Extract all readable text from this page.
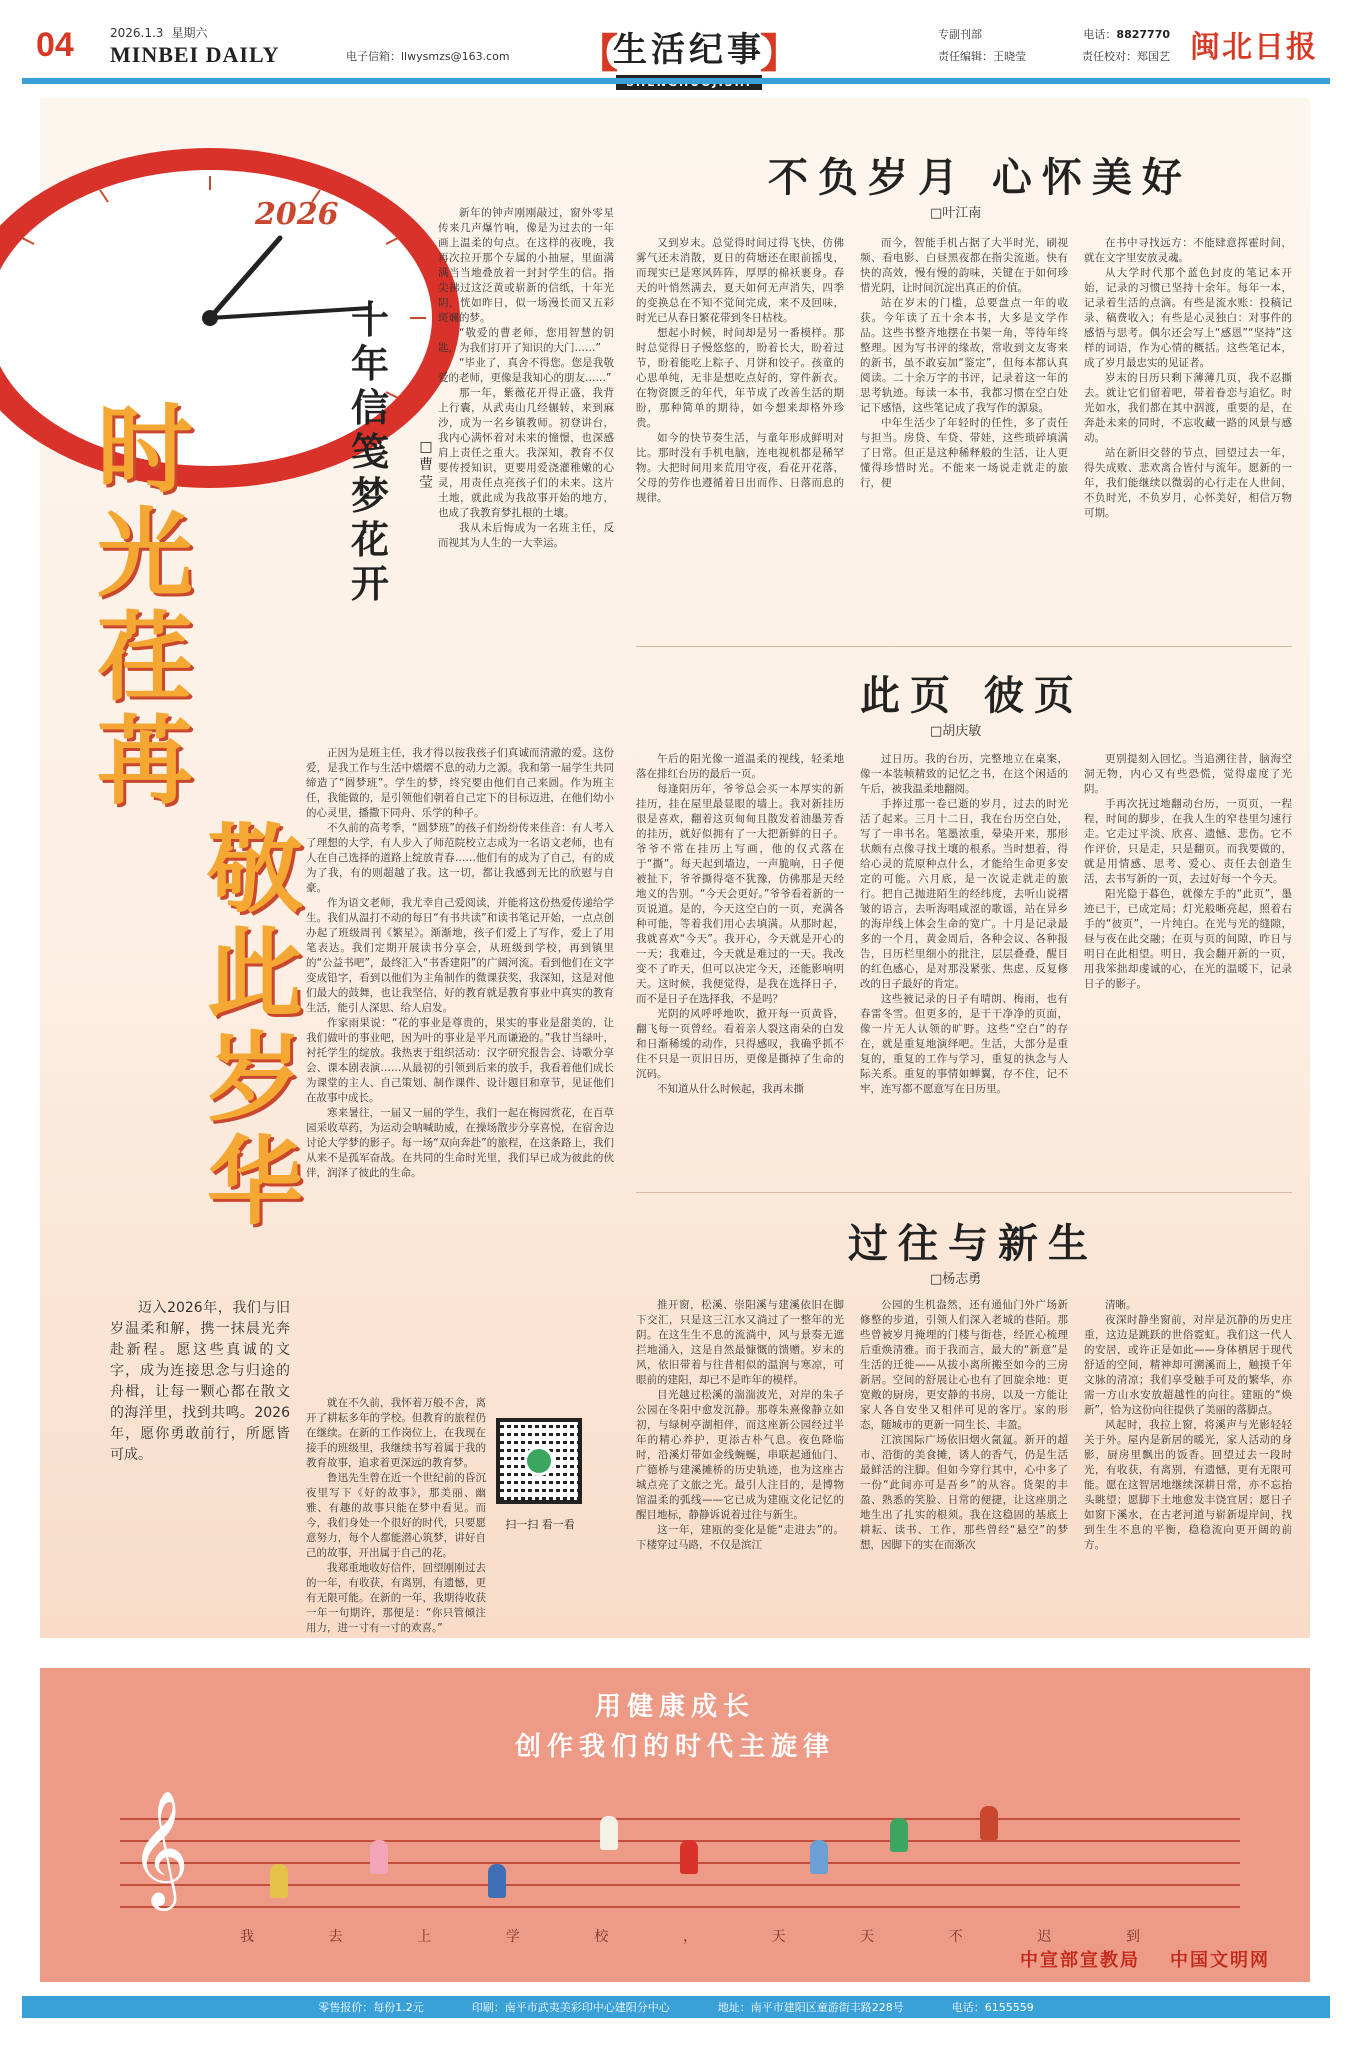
04	2026.1.3 星期六
MINBEI DAILY	电子信箱：llwysmzs@163.com 【
生活纪事
】	专副刊部	电话：8827770
责任编辑：王晓莹	责任校对：郑国艺 闽北日报
2026
时光荏苒
敬此岁华
迈入2026年，我们与旧岁温柔和解，携一抹晨光奔赴新程。愿这些真诚的文字，成为连接思念与归途的舟楫，让每一颗心都在散文的海洋里，找到共鸣。2026年，愿你勇敢前行，所愿皆可成。
十年信笺梦花开
□曹 莹

新年的钟声刚刚敲过，窗外零星传来几声爆竹响，像是为过去的一年画上温柔的句点。在这样的夜晚，我再次拉开那个专属的小抽屉，里面满满当当地叠放着一封封学生的信。指尖拂过这泛黄或崭新的信纸，十年光阴，恍如昨日，似一场漫长而又五彩斑斓的梦。

“敬爱的曹老师，您用智慧的钥匙，为我们打开了知识的大门……”

“毕业了，真舍不得您。您是我敬爱的老师，更像是我知心的朋友……”

那一年，紫薇花开得正盛，我背上行囊，从武夷山几经辗转，来到麻沙，成为一名乡镇教师。初登讲台，我内心满怀着对未来的憧憬，也深感肩上责任之重大。我深知，教育不仅要传授知识，更要用爱浇灌稚嫩的心灵，用责任点亮孩子们的未来。这片土地，就此成为我故事开始的地方，也成了我教育梦扎根的土壤。

我从未后悔成为一名班主任，反而视其为人生的一大幸运。

正因为是班主任，我才得以按我孩子们真诚而清澈的爱。这份爱，是我工作与生活中熠熠不息的动力之源。我和第一届学生共同缔造了“圆梦班”。学生的梦，终究要由他们自己来圆。作为班主任，我能做的，是引领他们朝着自己定下的目标迈进，在他们幼小的心灵里，播撒下同舟、乐学的种子。

不久前的高考季，“圆梦班”的孩子们纷纷传来佳音：有人考入了理想的大学，有人步入了师范院校立志成为一名语文老师，也有人在自己选择的道路上绽放青春……他们有的成为了自己，有的成为了我，有的则超越了我。这一切，都让我感到无比的欣慰与自豪。

作为语文老师，我尤幸自己爱阅读，并能将这份热爱传递给学生。我们从温打不动的每日“有书共读”和读书笔记开始，一点点创办起了班级周刊《繁星》。渐渐地，孩子们爱上了写作，爱上了用笔表达。我们定期开展读书分享会，从班级到学校，再到镇里的“公益书吧”，最终汇入“书香建阳”的广阔河流。看到他们在文字变成铅字，看到以他们为主角制作的微课获奖，我深知，这是对他们最大的鼓舞，也让我坚信，好的教育就是教育事业中真实的教育生活，能引人深思、给人启发。

作家雨果说：“花的事业是尊贵的，果实的事业是甜美的，让我们做叶的事业吧，因为叶的事业是平凡而谦逊的。”我甘当绿叶，衬托学生的绽放。我热衷于组织活动：汉字研究报告会、诗歌分享会、课本剧表演……从最初的引领到后来的放手，我看着他们成长为课堂的主人、自己策划、制作课件、设计题目和章节，见证他们在故事中成长。

寒来暑往，一届又一届的学生，我们一起在梅园赏花，在百草园采收草药，为运动会呐喊助威，在操场散步分享喜悦，在宿舍边讨论大学梦的影子。每一场“双向奔赴”的旅程，在这条路上，我们从来不是孤军奋战。在共同的生命时光里，我们早已成为彼此的伙伴，润泽了彼此的生命。

就在不久前，我怀着万般不舍，离开了耕耘多年的学校。但教育的旅程仍在继续。在新的工作岗位上，在我现在接手的班级里，我继续书写着属于我的教育故事，追求着更深远的教育梦。

鲁迅先生曾在近一个世纪前的昏沉夜里写下《好的故事》，那美丽、幽雅、有趣的故事只能在梦中看见。而今，我们身处一个很好的时代，只要愿意努力，每个人都能潜心筑梦，讲好自己的故事，开出属于自己的花。

我郑重地收好信件，回望刚刚过去的一年，有收获，有离别，有遗憾，更有无限可能。在新的一年，我期待收获一年一句期许，那便是：“你只管倾注用力，进一寸有一寸的欢喜。”

扫一扫 看一看
不负岁月 心怀美好
□叶江南

又到岁末。总觉得时间过得飞快，仿佛雾气还未消散，夏日的荷塘还在眼前摇曳，而现实已是寒风阵阵，厚厚的棉袄裹身。春天的叶悄然满去，夏天如何无声消失，四季的变换总在不知不觉间完成，来不及回味，时光已从春日繁花带到冬日枯枝。

想起小时候，时间却是另一番模样。那时总觉得日子慢悠悠的，盼着长大，盼着过节，盼着能吃上粽子、月饼和饺子。孩童的心思单纯，无非是想吃点好的，穿件新衣。在物资匮乏的年代，年节成了改善生活的期盼，那种简单的期待，如今想来却格外珍贵。

如今的快节奏生活，与童年形成鲜明对比。那时没有手机电脑，连电视机都是稀罕物。大把时间用来荒用守夜，看花开花落，父母的劳作也遵循着日出而作、日落而息的规律。

而今，智能手机占据了大半时光，刷视频、看电影、白昼黑夜都在指尖流逝。快有快的高效，慢有慢的韵味，关键在于如何珍惜光阴，让时间沉淀出真正的价值。

站在岁末的门槛，总要盘点一年的收获。今年读了五十余本书，大多是文学作品。这些书整齐地摆在书架一角，等待年终整理。因为写书评的缘故，常收到文友寄来的新书，虽不敢妄加“鉴定”，但每本都认真阅读。二十余万字的书评，记录着这一年的思考轨迹。每读一本书，我都习惯在空白处记下感悟，这些笔记成了我写作的源泉。

中年生活少了年轻时的任性，多了责任与担当。房贷、车贷、带娃，这些琐碎填满了日常。但正是这种稀释般的生活，让人更懂得珍惜时光。不能来一场说走就走的旅行，便

在书中寻找远方：不能肆意挥霍时间，就在文字里安放灵魂。

从大学时代那个蓝色封皮的笔记本开始，记录的习惯已坚持十余年。每年一本，记录着生活的点滴。有些是流水账：投稿记录、稿费收入；有些是心灵独白：对事件的感悟与思考。偶尔还会写上“感恩”“坚持”这样的词语，作为心情的概括。这些笔记本，成了岁月最忠实的见证者。

岁末的日历只剩下薄薄几页，我不忍撕去。就让它们留着吧，带着眷恋与追忆。时光如水，我们都在其中泅渡，重要的是，在奔赴未来的同时，不忘收藏一路的风景与感动。

站在新旧交替的节点，回望过去一年，得失成败、悲欢离合皆付与流年。愿新的一年，我们能继续以微弱的心行走在人世间，不负时光，不负岁月，心怀美好，相信万物可期。

此页 彼页
□胡庆敏

午后的阳光像一道温柔的视线，轻柔地落在排红台历的最后一页。

每逢阳历年，爷爷总会买一本厚实的新挂历，挂在屋里最显眼的墙上。我对新挂历很是喜欢，翻着这页甸甸且散发着油墨芳香的挂历，就好似拥有了一大把新鲜的日子。爷爷不常在挂历上写画，他的仅式落在于“撕”。每天起到墙边，一声脆响，日子便被扯下，爷爷撕得毫不犹豫，仿佛那是天经地义的告别。“今天会更好。”爷爷看着新的一页说道。是的，今天这空白的一页，充满各种可能，等着我们用心去填满。从那时起，我就喜欢“今天”。我开心，今天就是开心的一天；我难过，今天就是难过的一天。我改变不了昨天，但可以决定今天，还能影响明天。这时候，我便觉得，是我在选择日子，而不是日子在选择我，不是吗？

光阴的风呼呼地吹，掀开每一页黄昏，翻飞每一页曾经。看着亲人裂这南朵的白发和日渐稀缓的动作，只得感叹，我确乎抓不住不只是一页旧日历，更像是撕掉了生命的沉码。

不知道从什么时候起，我再未撕

过日历。我的台历，完整地立在桌案，像一本装帧精致的记忆之书，在这个闲适的午后，被我温柔地翻阅。

手捧过那一卷已逝的岁月，过去的时光活了起来。三月十二日，我在台历空白处，写了一串书名。笔墨浓重，晕染开来，那形状颇有点像寻找土壤的根系。当时想着，得给心灵的荒原种点什么，才能给生命更多安定的可能。六月底，是一次说走就走的旅行。把自己抛进陌生的经纬度，去听山说褶皱的语言，去听海唱咸涩的歌谣，站在异乡的海岸线上体会生命的宽广。十月是记录最多的一个月，黄金周后，各种会议、各种报告，日历栏里细小的批注，层层叠叠，醒目的红色感心，是对那没紧张、焦虑、反复修改的日子最好的肯定。

这些被记录的日子有晴朗、梅雨，也有春雷冬雪。但更多的，是干干净净的页面，像一片无人认领的旷野。这些“空白”的存在，就是重复地演绎吧。生活，大部分是重复的，重复的工作与学习，重复的执念与人际关系。重复的事情如蝉翼，存不住，记不牢，连写都不愿意写在日历里。

更别提刻入回忆。当追溯往昔，脑海空洞无物，内心又有些恐慌，觉得虚度了光阴。

手再次抚过地翻动台历，一页页，一程程，时间的脚步，在我人生的窄巷里匀速行走。它走过平淡、欣喜、遗憾、悲伤。它不作评价，只是走，只是翻页。而我要做的，就是用情感、思考、爱心、责任去创造生活，去书写新的一页，去过好每一个今天。

阳光隐于暮色，就像左手的“此页”，墨迹已干，已成定局；灯光般晰亮起，照着右手的“彼页”，一片纯白。在光与光的缝隙，昼与夜在此交融；在页与页的间隙，昨日与明日在此相望。明日，我会翻开新的一页，用我笨拙却虔诚的心，在光的温暖下，记录日子的影子。

过往与新生
□杨志勇

推开窗，松溪、崇阳溪与建溪依旧在脚下交汇，只是这三江水又淌过了一整年的光阴。在这生生不息的流淌中，风与景奏无遮拦地涌入，这是自然最慷慨的馈赠。岁末的风，依旧带着与往昔相似的温润与寒凉，可眼前的建阳，却已不是昨年的模样。

目光越过松溪的湍湍波光，对岸的朱子公园在冬阳中愈发沉静。那尊朱熹像静立如初，与绿树亭湖相伴，而这座新公园经过半年的精心养护，更添古朴气息。夜色降临时，沿溪灯带如金线蜿蜒，串联起通仙门、广德桥与建溪摊桥的历史轨迹，也为这座古城点亮了文旅之光。最引人注目的，是博物馆温柔的弧线——它已成为建瓯文化记忆的醒目地标，静静诉说着过往与新生。

这一年，建瓯的变化是能“走进去”的。下楼穿过马路，不仅是滨江

公园的生机盎然，还有通仙门外广场新修整的步道，引领人们深入老城的巷陌。那些曾被岁月掩埋的门楼与街巷，经匠心梳理后重焕清雅。而于我而言，最大的“新意”是生活的迁徙——从拔小离所搬至如今的三房新居。空间的舒展让心也有了回旋余地：更宽敞的厨房，更安静的书房，以及一方能让家人各自安坐又相伴可见的客厅。家的形态，随城市的更新一同生长、丰盈。

江滨国际广场依旧烟火氤氲。新开的超市、沿街的美食摊，诱人的香气，仍是生活最鲜活的注脚。但如今穿行其中，心中多了一份“此间亦可是吾乡”的从容。货架的丰盈、熟悉的笑脸、日常的便捷，让这座朋之地生出了扎实的根须。我在这稳固的基底上耕耘、读书、工作，那些曾经“悬空”的梦想，因脚下的实在而渐次

清晰。

夜深时静坐窗前，对岸是沉静的历史庄重，这边是跳跃的世俗霓虹。我们这一代人的安居，或许正是如此——身体栖居于现代舒适的空间，精神却可溯溪而上，触摸千年文脉的清凉；我们享受触手可及的繁华，亦需一方山水安放超越性的向往。建瓯的“焕新”，恰为这份向往提供了美丽的落脚点。

风起时，我拉上窗，将溪声与光影轻轻关于外。屋内是新居的暖光，家人活动的身影，厨房里飘出的饭香。回望过去一段时光，有收获，有离别，有遗憾，更有无限可能。愿在这智居地继续深耕日常，亦不忘抬头眺望；愿脚下土地愈发丰饶宜居；愿日子如窗下溪水，在古老河道与崭新堤岸间，找到生生不息的平衡，稳稳流向更开阔的前方。

用健康成长
创作我们的时代主旋律
𝄞
我	去	上	学	校	，	天	天	不	迟	到
中宣部宣教局 中国文明网
零售报价：每份1.2元	印刷：南平市武夷美彩印中心建阳分中心	地址：南平市建阳区童游街丰路228号	电话：6155559
